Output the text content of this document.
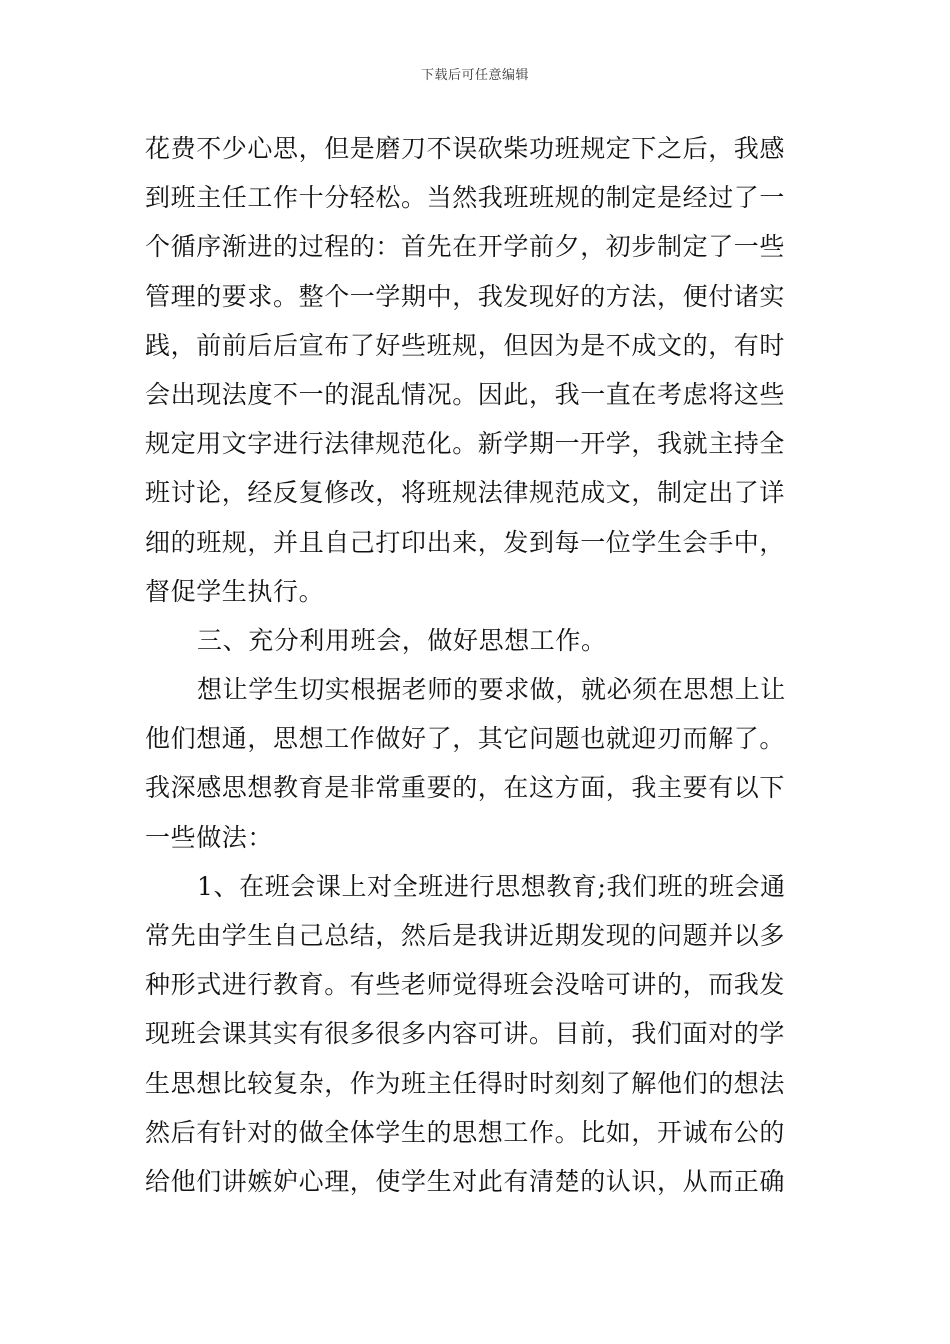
下载后可任意编辑
花费不少心思，但是磨刀不误砍柴功班规定下之后，我感
到班主任工作十分轻松。当然我班班规的制定是经过了一
个循序渐进的过程的：首先在开学前夕，初步制定了一些
管理的要求。整个一学期中，我发现好的方法，便付诸实
践，前前后后宣布了好些班规，但因为是不成文的，有时
会出现法度不一的混乱情况。因此，我一直在考虑将这些
规定用文字进行法律规范化。新学期一开学，我就主持全
班讨论，经反复修改，将班规法律规范成文，制定出了详
细的班规，并且自己打印出来，发到每一位学生会手中，
督促学生执行。
三、充分利用班会，做好思想工作。
想让学生切实根据老师的要求做，就必须在思想上让
他们想通，思想工作做好了，其它问题也就迎刃而解了。
我深感思想教育是非常重要的，在这方面，我主要有以下
一些做法：
1、在班会课上对全班进行思想教育;我们班的班会通
常先由学生自己总结，然后是我讲近期发现的问题并以多
种形式进行教育。有些老师觉得班会没啥可讲的，而我发
现班会课其实有很多很多内容可讲。目前，我们面对的学
生思想比较复杂，作为班主任得时时刻刻了解他们的想法
然后有针对的做全体学生的思想工作。比如，开诚布公的
给他们讲嫉妒心理，使学生对此有清楚的认识，从而正确
